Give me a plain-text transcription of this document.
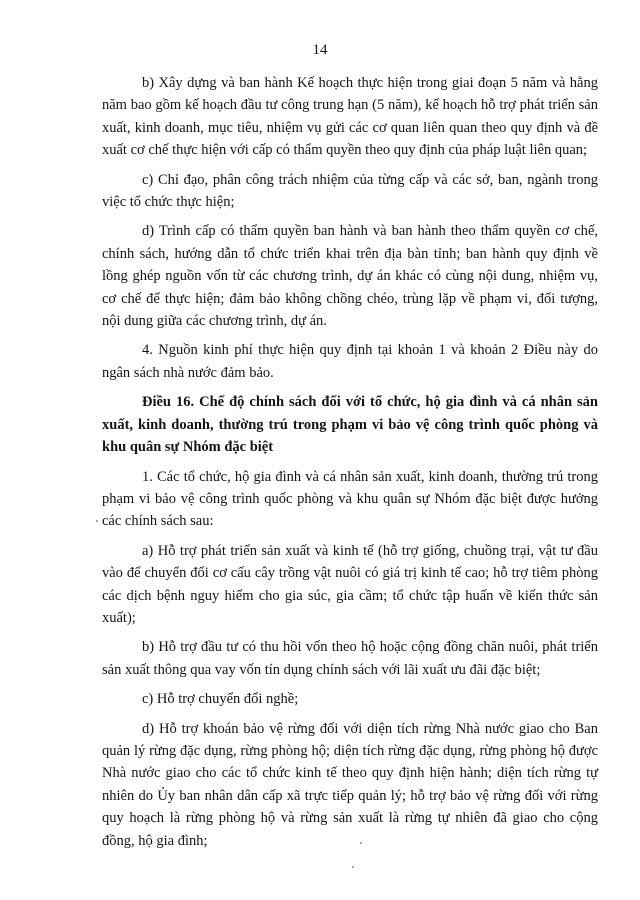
14

b) Xây dựng và ban hành Kế hoạch thực hiện trong giai đoạn 5 năm và hằng năm bao gồm kế hoạch đầu tư công trung hạn (5 năm), kế hoạch hỗ trợ phát triển sản xuất, kinh doanh, mục tiêu, nhiệm vụ gửi các cơ quan liên quan theo quy định và đề xuất cơ chế thực hiện với cấp có thẩm quyền theo quy định của pháp luật liên quan;

c) Chỉ đạo, phân công trách nhiệm của từng cấp và các sở, ban, ngành trong việc tổ chức thực hiện;

d) Trình cấp có thẩm quyền ban hành và ban hành theo thẩm quyền cơ chế, chính sách, hướng dẫn tổ chức triển khai trên địa bàn tỉnh; ban hành quy định về lồng ghép nguồn vốn từ các chương trình, dự án khác có cùng nội dung, nhiệm vụ, cơ chế để thực hiện; đảm bảo không chồng chéo, trùng lặp về phạm vi, đối tượng, nội dung giữa các chương trình, dự án.

4. Nguồn kinh phí thực hiện quy định tại khoản 1 và khoản 2 Điều này do ngân sách nhà nước đảm bảo.

Điều 16. Chế độ chính sách đối với tổ chức, hộ gia đình và cá nhân sản xuất, kinh doanh, thường trú trong phạm vi bảo vệ công trình quốc phòng và khu quân sự Nhóm đặc biệt

1. Các tổ chức, hộ gia đình và cá nhân sản xuất, kinh doanh, thường trú trong phạm vi bảo vệ công trình quốc phòng và khu quân sự Nhóm đặc biệt được hưởng các chính sách sau:

a) Hỗ trợ phát triển sản xuất và kinh tế (hỗ trợ giống, chuồng trại, vật tư đầu vào để chuyển đổi cơ cấu cây trồng vật nuôi có giá trị kinh tế cao; hỗ trợ tiêm phòng các dịch bệnh nguy hiểm cho gia súc, gia cầm; tổ chức tập huấn về kiến thức sản xuất);

b) Hỗ trợ đầu tư có thu hồi vốn theo hộ hoặc cộng đồng chăn nuôi, phát triển sản xuất thông qua vay vốn tín dụng chính sách với lãi xuất ưu đãi đặc biệt;

c) Hỗ trợ chuyển đổi nghề;

d) Hỗ trợ khoán bảo vệ rừng đối với diện tích rừng Nhà nước giao cho Ban quản lý rừng đặc dụng, rừng phòng hộ; diện tích rừng đặc dụng, rừng phòng hộ được Nhà nước giao cho các tổ chức kinh tế theo quy định hiện hành; diện tích rừng tự nhiên do Ủy ban nhân dân cấp xã trực tiếp quản lý; hỗ trợ bảo vệ rừng đối với rừng quy hoạch là rừng phòng hộ và rừng sản xuất là rừng tự nhiên đã giao cho cộng đồng, hộ gia đình;
